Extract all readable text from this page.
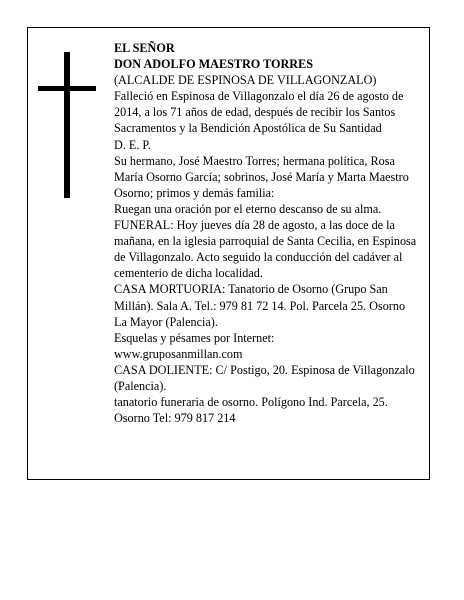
EL SEÑOR

DON ADOLFO MAESTRO TORRES

(ALCALDE DE ESPINOSA DE VILLAGONZALO)

Falleció en Espinosa de Villagonzalo el día 26 de agosto de 2014, a los 71 años de edad, después de recibir los Santos Sacramentos y la Bendición Apostólica de Su Santidad

D. E. P.

Su hermano, José Maestro Torres; hermana política, Rosa María Osorno García; sobrinos, José María y Marta Maestro Osorno; primos y demás familia:

Ruegan una oración por el eterno descanso de su alma.

FUNERAL: Hoy jueves día 28 de agosto, a las doce de la mañana, en la iglesia parroquial de Santa Cecilia, en Espinosa de Villagonzalo. Acto seguido la conducción del cadáver al cementerio de dicha localidad.

CASA MORTUORIA: Tanatorio de Osorno (Grupo San Millán). Sala A. Tel.: 979 81 72 14. Pol. Parcela 25. Osorno La Mayor (Palencia).

Esquelas y pésames por Internet:

www.gruposanmillan.com

CASA DOLIENTE: C/ Postigo, 20. Espinosa de Villagonzalo (Palencia).

tanatorio funeraria de osorno. Polígono Ind. Parcela, 25. Osorno Tel: 979 817 214
